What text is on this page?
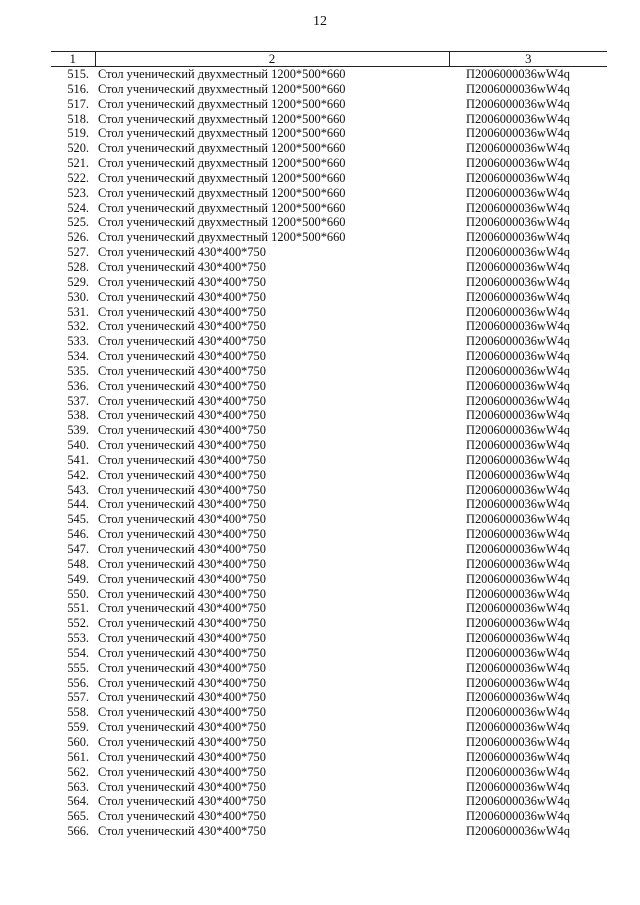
12
1	2	3
515.	Стол ученический двухместный 1200*500*660	П2006000036wW4q
516.	Стол ученический двухместный 1200*500*660	П2006000036wW4q
517.	Стол ученический двухместный 1200*500*660	П2006000036wW4q
518.	Стол ученический двухместный 1200*500*660	П2006000036wW4q
519.	Стол ученический двухместный 1200*500*660	П2006000036wW4q
520.	Стол ученический двухместный 1200*500*660	П2006000036wW4q
521.	Стол ученический двухместный 1200*500*660	П2006000036wW4q
522.	Стол ученический двухместный 1200*500*660	П2006000036wW4q
523.	Стол ученический двухместный 1200*500*660	П2006000036wW4q
524.	Стол ученический двухместный 1200*500*660	П2006000036wW4q
525.	Стол ученический двухместный 1200*500*660	П2006000036wW4q
526.	Стол ученический двухместный 1200*500*660	П2006000036wW4q
527.	Стол ученический 430*400*750	П2006000036wW4q
528.	Стол ученический 430*400*750	П2006000036wW4q
529.	Стол ученический 430*400*750	П2006000036wW4q
530.	Стол ученический 430*400*750	П2006000036wW4q
531.	Стол ученический 430*400*750	П2006000036wW4q
532.	Стол ученический 430*400*750	П2006000036wW4q
533.	Стол ученический 430*400*750	П2006000036wW4q
534.	Стол ученический 430*400*750	П2006000036wW4q
535.	Стол ученический 430*400*750	П2006000036wW4q
536.	Стол ученический 430*400*750	П2006000036wW4q
537.	Стол ученический 430*400*750	П2006000036wW4q
538.	Стол ученический 430*400*750	П2006000036wW4q
539.	Стол ученический 430*400*750	П2006000036wW4q
540.	Стол ученический 430*400*750	П2006000036wW4q
541.	Стол ученический 430*400*750	П2006000036wW4q
542.	Стол ученический 430*400*750	П2006000036wW4q
543.	Стол ученический 430*400*750	П2006000036wW4q
544.	Стол ученический 430*400*750	П2006000036wW4q
545.	Стол ученический 430*400*750	П2006000036wW4q
546.	Стол ученический 430*400*750	П2006000036wW4q
547.	Стол ученический 430*400*750	П2006000036wW4q
548.	Стол ученический 430*400*750	П2006000036wW4q
549.	Стол ученический 430*400*750	П2006000036wW4q
550.	Стол ученический 430*400*750	П2006000036wW4q
551.	Стол ученический 430*400*750	П2006000036wW4q
552.	Стол ученический 430*400*750	П2006000036wW4q
553.	Стол ученический 430*400*750	П2006000036wW4q
554.	Стол ученический 430*400*750	П2006000036wW4q
555.	Стол ученический 430*400*750	П2006000036wW4q
556.	Стол ученический 430*400*750	П2006000036wW4q
557.	Стол ученический 430*400*750	П2006000036wW4q
558.	Стол ученический 430*400*750	П2006000036wW4q
559.	Стол ученический 430*400*750	П2006000036wW4q
560.	Стол ученический 430*400*750	П2006000036wW4q
561.	Стол ученический 430*400*750	П2006000036wW4q
562.	Стол ученический 430*400*750	П2006000036wW4q
563.	Стол ученический 430*400*750	П2006000036wW4q
564.	Стол ученический 430*400*750	П2006000036wW4q
565.	Стол ученический 430*400*750	П2006000036wW4q
566.	Стол ученический 430*400*750	П2006000036wW4q
